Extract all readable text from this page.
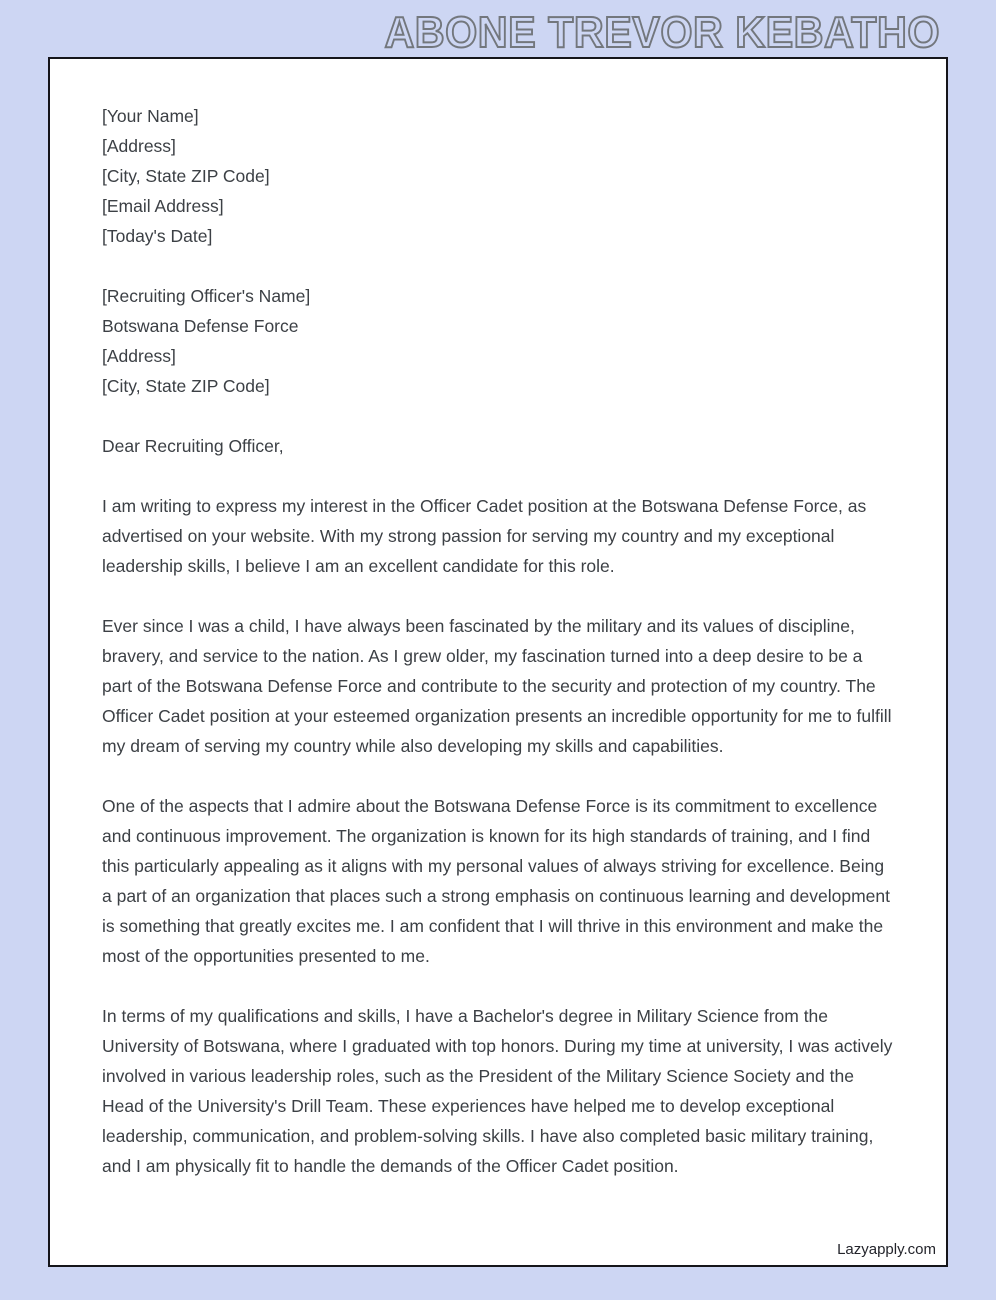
ABONE TREVOR KEBATHO

[Your Name]

[Address]

[City, State ZIP Code]

[Email Address]

[Today's Date]

[Recruiting Officer's Name]

Botswana Defense Force

[Address]

[City, State ZIP Code]

Dear Recruiting Officer,

I am writing to express my interest in the Officer Cadet position at the Botswana Defense Force, as advertised on your website. With my strong passion for serving my country and my exceptional leadership skills, I believe I am an excellent candidate for this role.

Ever since I was a child, I have always been fascinated by the military and its values of discipline, bravery, and service to the nation. As I grew older, my fascination turned into a deep desire to be a part of the Botswana Defense Force and contribute to the security and protection of my country. The Officer Cadet position at your esteemed organization presents an incredible opportunity for me to fulfill my dream of serving my country while also developing my skills and capabilities.

One of the aspects that I admire about the Botswana Defense Force is its commitment to excellence and continuous improvement. The organization is known for its high standards of training, and I find this particularly appealing as it aligns with my personal values of always striving for excellence. Being a part of an organization that places such a strong emphasis on continuous learning and development is something that greatly excites me. I am confident that I will thrive in this environment and make the most of the opportunities presented to me.

In terms of my qualifications and skills, I have a Bachelor's degree in Military Science from the University of Botswana, where I graduated with top honors. During my time at university, I was actively involved in various leadership roles, such as the President of the Military Science Society and the Head of the University's Drill Team. These experiences have helped me to develop exceptional leadership, communication, and problem-solving skills. I have also completed basic military training, and I am physically fit to handle the demands of the Officer Cadet position.

Lazyapply.com
